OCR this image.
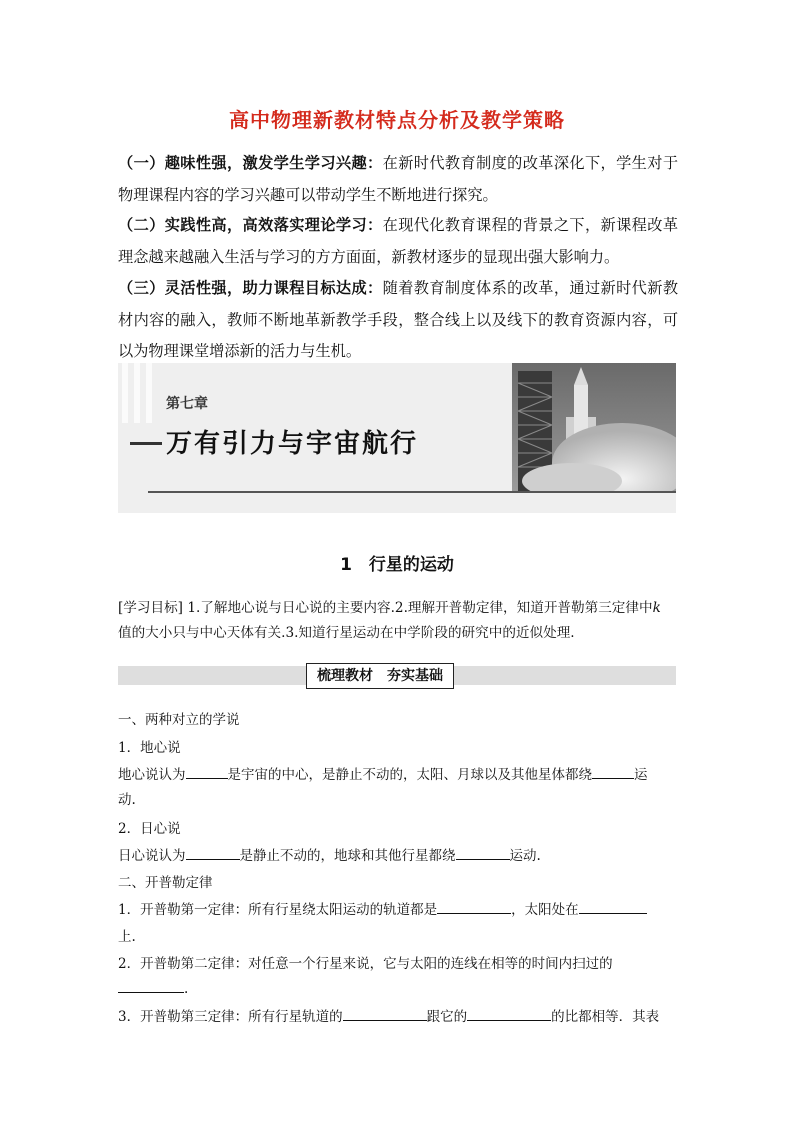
高中物理新教材特点分析及教学策略
（一）趣味性强，激发学生学习兴趣：在新时代教育制度的改革深化下，学生对于物理课程内容的学习兴趣可以带动学生不断地进行探究。
（二）实践性高，高效落实理论学习：在现代化教育课程的背景之下，新课程改革理念越来越融入生活与学习的方方面面，新教材逐步的显现出强大影响力。
（三）灵活性强，助力课程目标达成：随着教育制度体系的改革，通过新时代新教材内容的融入，教师不断地革新教学手段，整合线上以及线下的教育资源内容，可以为物理课堂增添新的活力与生机。
第七章
万有引力与宇宙航行
1　行星的运动
[学习目标] 1.了解地心说与日心说的主要内容.2.理解开普勒定律，知道开普勒第三定律中k
值的大小只与中心天体有关.3.知道行星运动在中学阶段的研究中的近似处理.
梳理教材 夯实基础
一、两种对立的学说
1．地心说
地心说认为	是宇宙的中心，是静止不动的，太阳、月球以及其他星体都绕	运
动.
2．日心说
日心说认为	是静止不动的，地球和其他行星都绕	运动.
二、开普勒定律
1．开普勒第一定律：所有行星绕太阳运动的轨道都是	，太阳处在
上.
2．开普勒第二定律：对任意一个行星来说，它与太阳的连线在相等的时间内扫过的
.
3．开普勒第三定律：所有行星轨道的	跟它的	的比都相等．其表
